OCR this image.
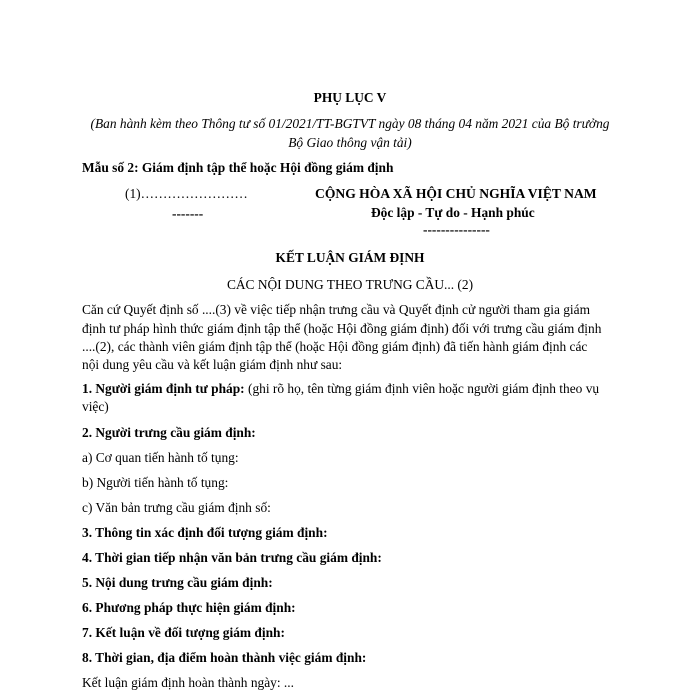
PHỤ LỤC V
(Ban hành kèm theo Thông tư số 01/2021/TT-BGTVT ngày 08 tháng 04 năm 2021 của Bộ trưởng
Bộ Giao thông vận tải)
Mẫu số 2: Giám định tập thể hoặc Hội đồng giám định
(1)……………………
-------
CỘNG HÒA XÃ HỘI CHỦ NGHĨA VIỆT NAM
Độc lập - Tự do - Hạnh phúc
---------------
KẾT LUẬN GIÁM ĐỊNH
CÁC NỘI DUNG THEO TRƯNG CẦU... (2)
Căn cứ Quyết định số ....(3) về việc tiếp nhận trưng cầu và Quyết định cử người tham gia giám
định tư pháp hình thức giám định tập thể (hoặc Hội đồng giám định) đối với trưng cầu giám định
....(2), các thành viên giám định tập thể (hoặc Hội đồng giám định) đã tiến hành giám định các
nội dung yêu cầu và kết luận giám định như sau:
1. Người giám định tư pháp: (ghi rõ họ, tên từng giám định viên hoặc người giám định theo vụ
việc)
2. Người trưng cầu giám định:
a) Cơ quan tiến hành tố tụng:
b) Người tiến hành tố tụng:
c) Văn bản trưng cầu giám định số:
3. Thông tin xác định đối tượng giám định:
4. Thời gian tiếp nhận văn bản trưng cầu giám định:
5. Nội dung trưng cầu giám định:
6. Phương pháp thực hiện giám định:
7. Kết luận về đối tượng giám định:
8. Thời gian, địa điểm hoàn thành việc giám định:
Kết luận giám định hoàn thành ngày: ...
